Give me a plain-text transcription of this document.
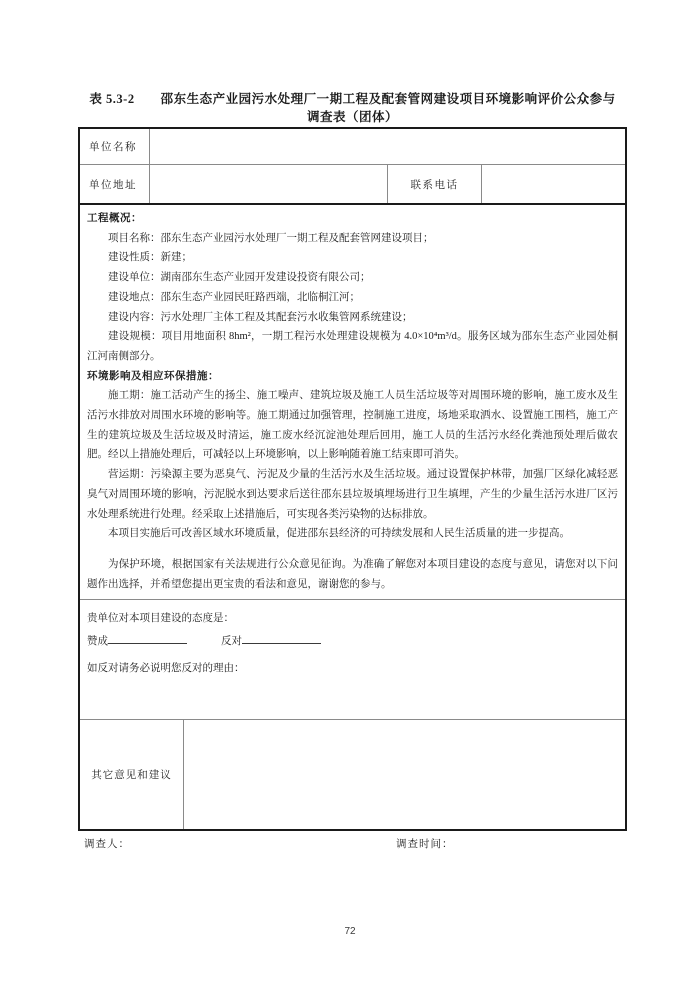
表 5.3-2 邵东生态产业园污水处理厂一期工程及配套管网建设项目环境影响评价公众参与
调查表（团体）
单位名称
单位地址	联系电话
工程概况：
项目名称：邵东生态产业园污水处理厂一期工程及配套管网建设项目；
建设性质：新建；
建设单位：湖南邵东生态产业园开发建设投资有限公司；
建设地点：邵东生态产业园民旺路西端，北临桐江河；
建设内容：污水处理厂主体工程及其配套污水收集管网系统建设；
建设规模：项目用地面积 8hm²，一期工程污水处理建设规模为 4.0×10⁴m³/d。服务区域为邵东生态产业园处桐江河南侧部分。
环境影响及相应环保措施：
施工期：施工活动产生的扬尘、施工噪声、建筑垃圾及施工人员生活垃圾等对周围环境的影响，施工废水及生活污水排放对周围水环境的影响等。施工期通过加强管理，控制施工进度，场地采取洒水、设置施工围档，施工产生的建筑垃圾及生活垃圾及时清运，施工废水经沉淀池处理后回用，施工人员的生活污水经化粪池预处理后做农肥。经以上措施处理后，可减轻以上环境影响，以上影响随着施工结束即可消失。
营运期：污染源主要为恶臭气、污泥及少量的生活污水及生活垃圾。通过设置保护林带，加强厂区绿化减轻恶臭气对周围环境的影响，污泥脱水到达要求后送往邵东县垃圾填埋场进行卫生填埋，产生的少量生活污水进厂区污水处理系统进行处理。经采取上述措施后，可实现各类污染物的达标排放。
本项目实施后可改善区域水环境质量，促进邵东县经济的可持续发展和人民生活质量的进一步提高。
为保护环境，根据国家有关法规进行公众意见征询。为准确了解您对本项目建设的态度与意见，请您对以下问题作出选择，并希望您提出更宝贵的看法和意见，谢谢您的参与。
贵单位对本项目建设的态度是：
赞成	反对
如反对请务必说明您反对的理由：
其它意见和建议
调查人：	调查时间：
72
